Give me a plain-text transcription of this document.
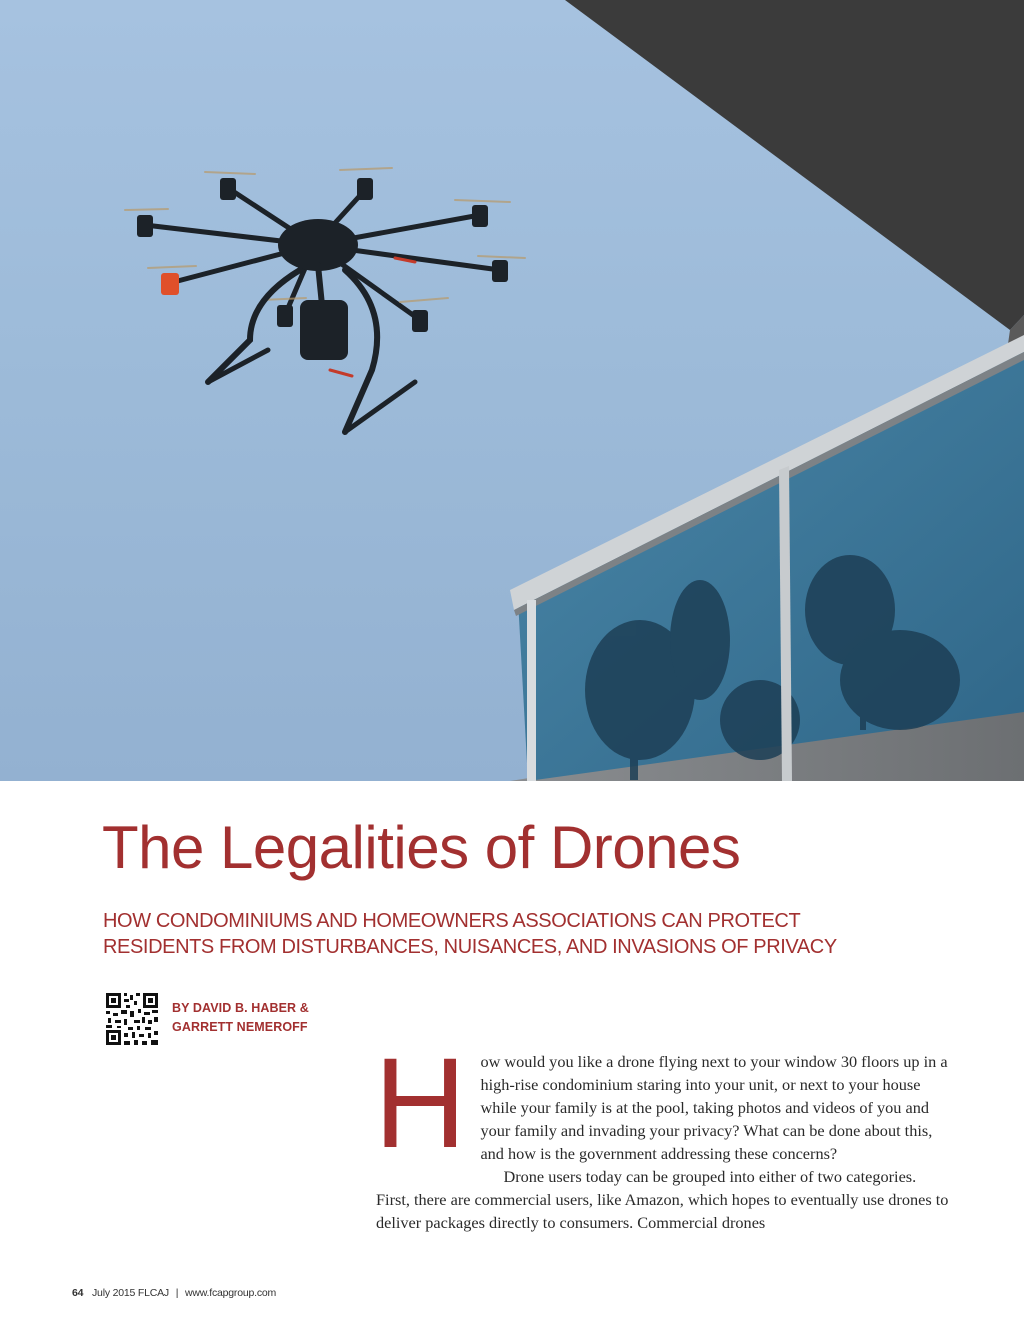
The Legalities of Drones
HOW CONDOMINIUMS AND HOMEOWNERS ASSOCIATIONS CAN PROTECT RESIDENTS FROM DISTURBANCES, NUISANCES, AND INVASIONS OF PRIVACY
BY DAVID B. HABER &
GARRETT NEMEROFF
H ow would you like a drone flying next to your window 30 floors up in a high-rise condominium staring into your unit, or next to your house while your family is at the pool, taking photos and videos of you and your family and invading your privacy? What can be done about this, and how is the government addressing these concerns?

Drone users today can be grouped into either of two categories. First, there are commercial users, like Amazon, which hopes to eventually use drones to deliver packages directly to consumers. Commercial drones

64 July 2015 FLCAJ | www.fcapgroup.com
